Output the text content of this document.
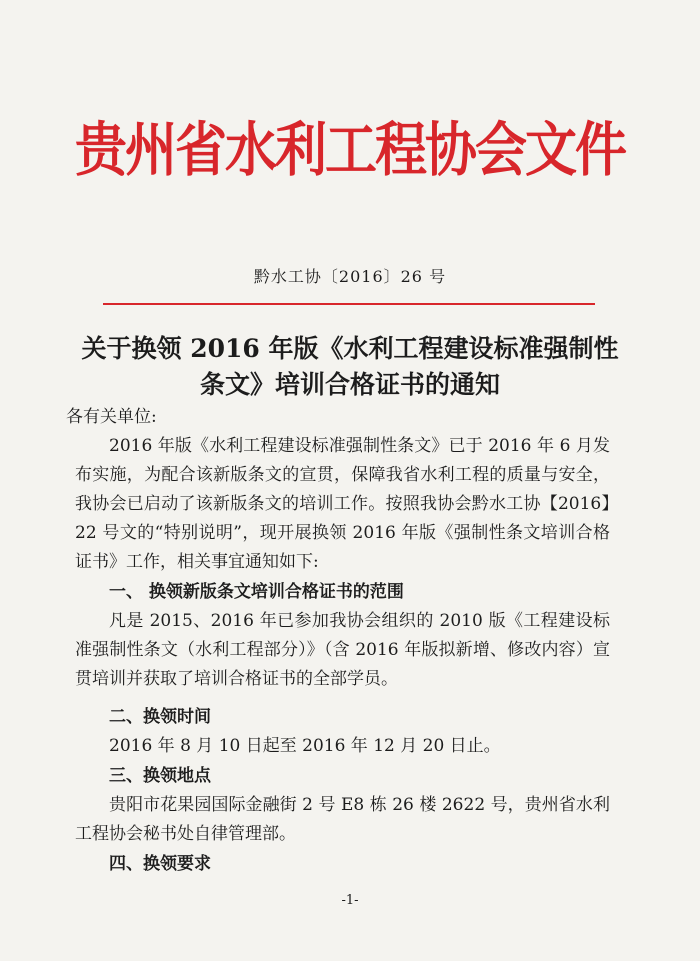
贵州省水利工程协会文件
黔水工协〔2016〕26 号
关于换领 2016 年版《水利工程建设标准强制性
条文》培训合格证书的通知
各有关单位:

2016 年版《水利工程建设标准强制性条文》已于 2016 年 6 月发布实施，为配合该新版条文的宣贯，保障我省水利工程的质量与安全，我协会已启动了该新版条文的培训工作。按照我协会黔水工协【2016】22 号文的“特别说明”，现开展换领 2016 年版《强制性条文培训合格证书》工作，相关事宜通知如下:

一、 换领新版条文培训合格证书的范围

凡是 2015、2016 年已参加我协会组织的 2010 版《工程建设标准强制性条文（水利工程部分）》（含 2016 年版拟新增、修改内容）宣贯培训并获取了培训合格证书的全部学员。

二、换领时间

2016 年 8 月 10 日起至 2016 年 12 月 20 日止。

三、换领地点

贵阳市花果园国际金融街 2 号 E8 栋 26 楼 2622 号，贵州省水利工程协会秘书处自律管理部。

四、换领要求

-1-
